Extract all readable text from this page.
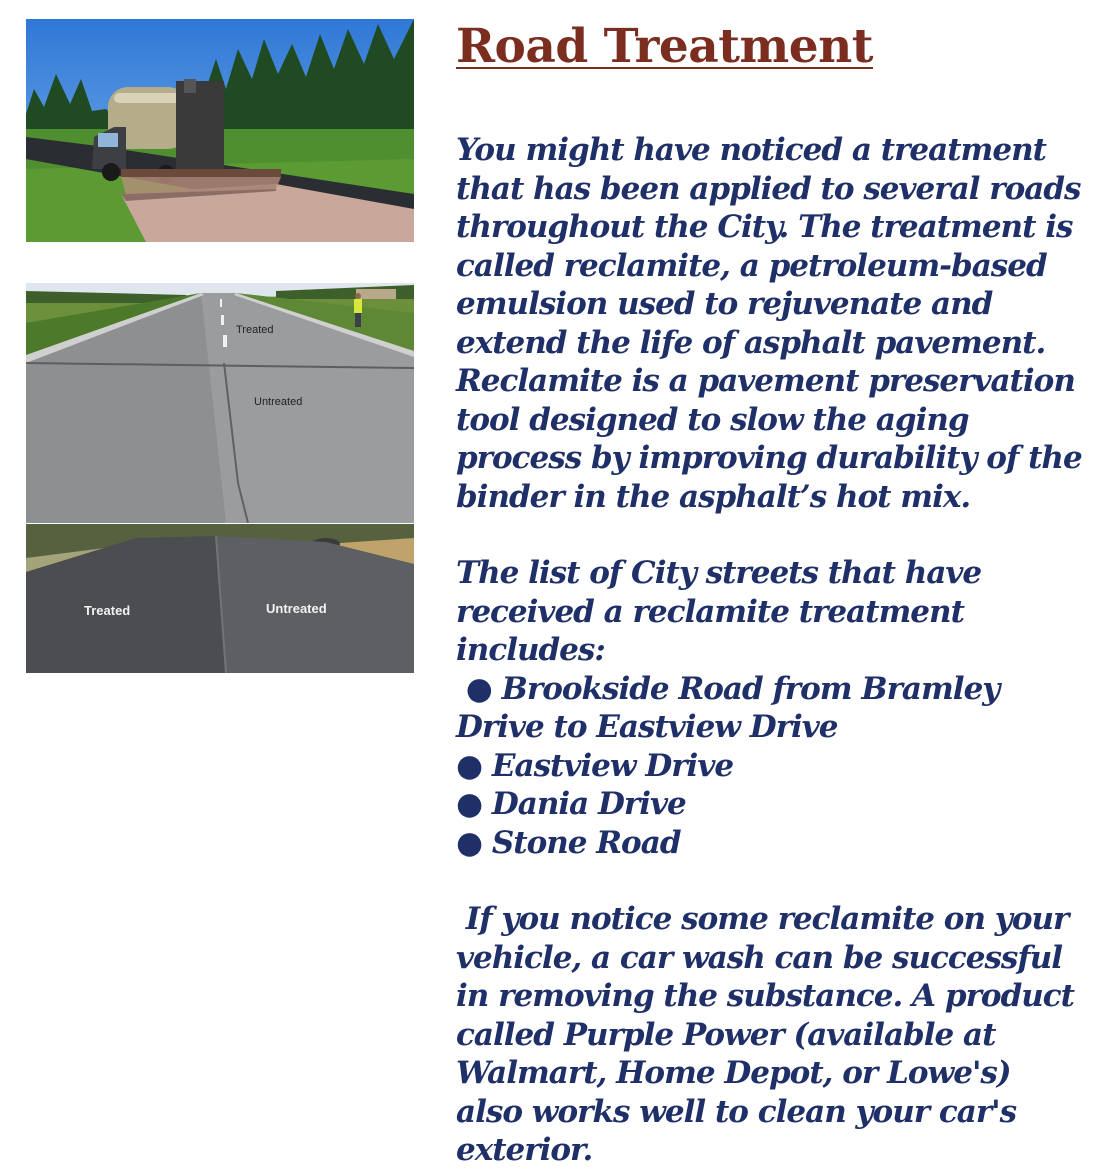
Treated
Untreated
Treated	Untreated
Road Treatment

You might have noticed a treatment that has been applied to several roads throughout the City. The treatment is called reclamite, a petroleum-based emulsion used to rejuvenate and extend the life of asphalt pavement. Reclamite is a pavement preservation tool designed to slow the aging process by improving durability of the binder in the asphalt’s hot mix.

The list of City streets that have received a reclamite treatment includes:

● Brookside Road from Bramley Drive to Eastview Drive
● Eastview Drive
● Dania Drive
● Stone Road

If you notice some reclamite on your vehicle, a car wash can be successful in removing the substance. A product called Purple Power (available at Walmart, Home Depot, or Lowe's) also works well to clean your car's exterior.
